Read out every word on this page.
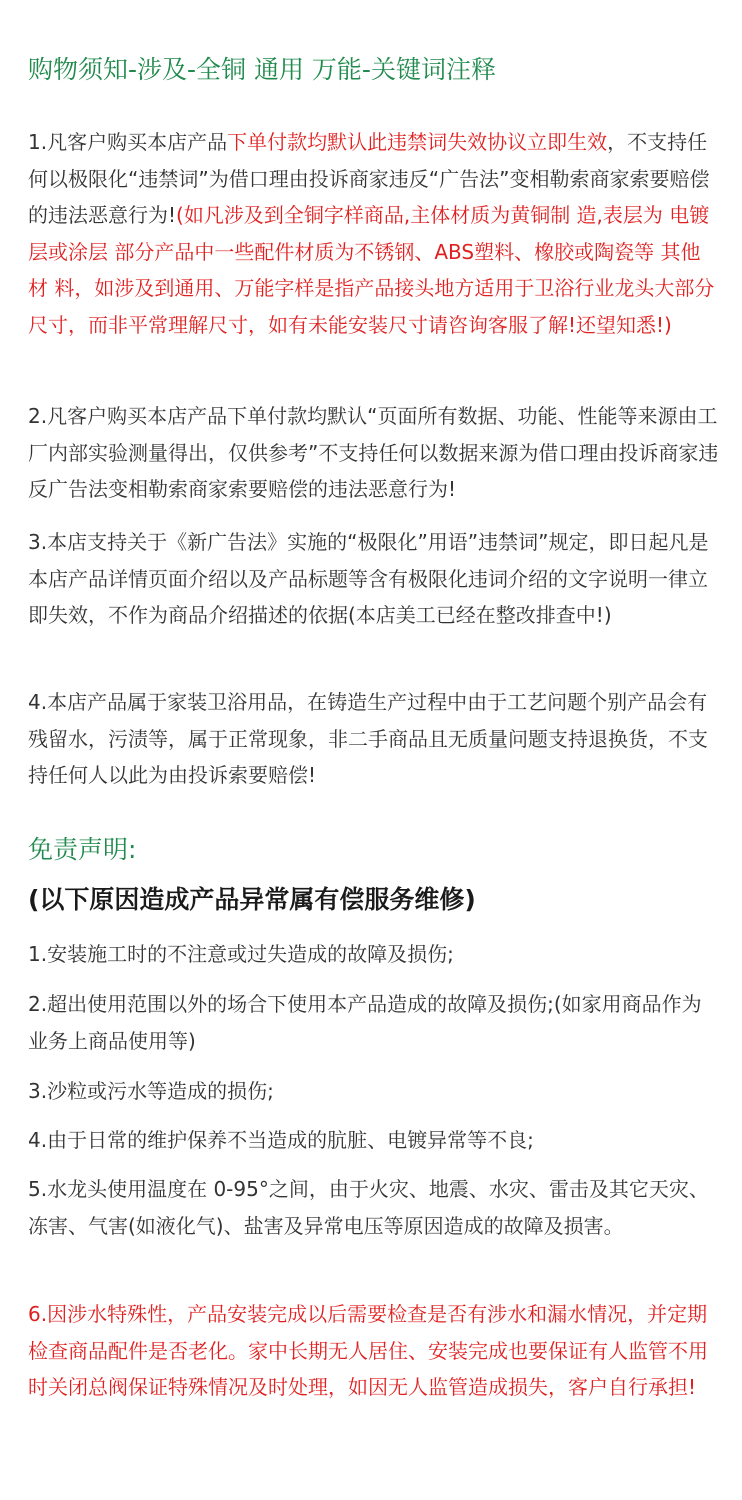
购物须知-涉及-全铜 通用 万能-关键词注释

1.凡客户购买本店产品下单付款均默认此违禁词失效协议立即生效，不支持任何以极限化“违禁词”为借口理由投诉商家违反“广告法”变相勒索商家索要赔偿的违法恶意行为!(如凡涉及到全铜字样商品,主体材质为黄铜制 造,表层为 电镀层或涂层 部分产品中一些配件材质为不锈钢、ABS塑料、橡胶或陶瓷等 其他材 料，如涉及到通用、万能字样是指产品接头地方适用于卫浴行业龙头大部分尺寸，而非平常理解尺寸，如有未能安装尺寸请咨询客服了解!还望知悉!)

2.凡客户购买本店产品下单付款均默认“页面所有数据、功能、性能等来源由工厂内部实验测量得出，仅供参考”不支持任何以数据来源为借口理由投诉商家违 反广告法变相勒索商家索要赔偿的违法恶意行为!

3.本店支持关于《新广告法》实施的“极限化”用语”违禁词”规定，即日起凡是本店产品详情页面介绍以及产品标题等含有极限化违词介绍的文字说明一律立即失效，不作为商品介绍描述的依据(本店美工已经在整改排查中!)

4.本店产品属于家装卫浴用品，在铸造生产过程中由于工艺问题个别产品会有残留水，污渍等，属于正常现象，非二手商品且无质量问题支持退换货，不支持任何人以此为由投诉索要赔偿!

免责声明:
(以下原因造成产品异常属有偿服务维修)

1.安装施工时的不注意或过失造成的故障及损伤;

2.超出使用范围以外的场合下使用本产品造成的故障及损伤;(如家用商品作为业务上商品使用等)

3.沙粒或污水等造成的损伤;

4.由于日常的维护保养不当造成的肮脏、电镀异常等不良;

5.水龙头使用温度在 0-95°之间，由于火灾、地震、水灾、雷击及其它天灾、冻害、气害(如液化气)、盐害及异常电压等原因造成的故障及损害。

6.因涉水特殊性，产品安装完成以后需要检查是否有涉水和漏水情况，并定期检查商品配件是否老化。家中长期无人居住、安装完成也要保证有人监管不用时关闭总阀保证特殊情况及时处理，如因无人监管造成损失，客户自行承担!
